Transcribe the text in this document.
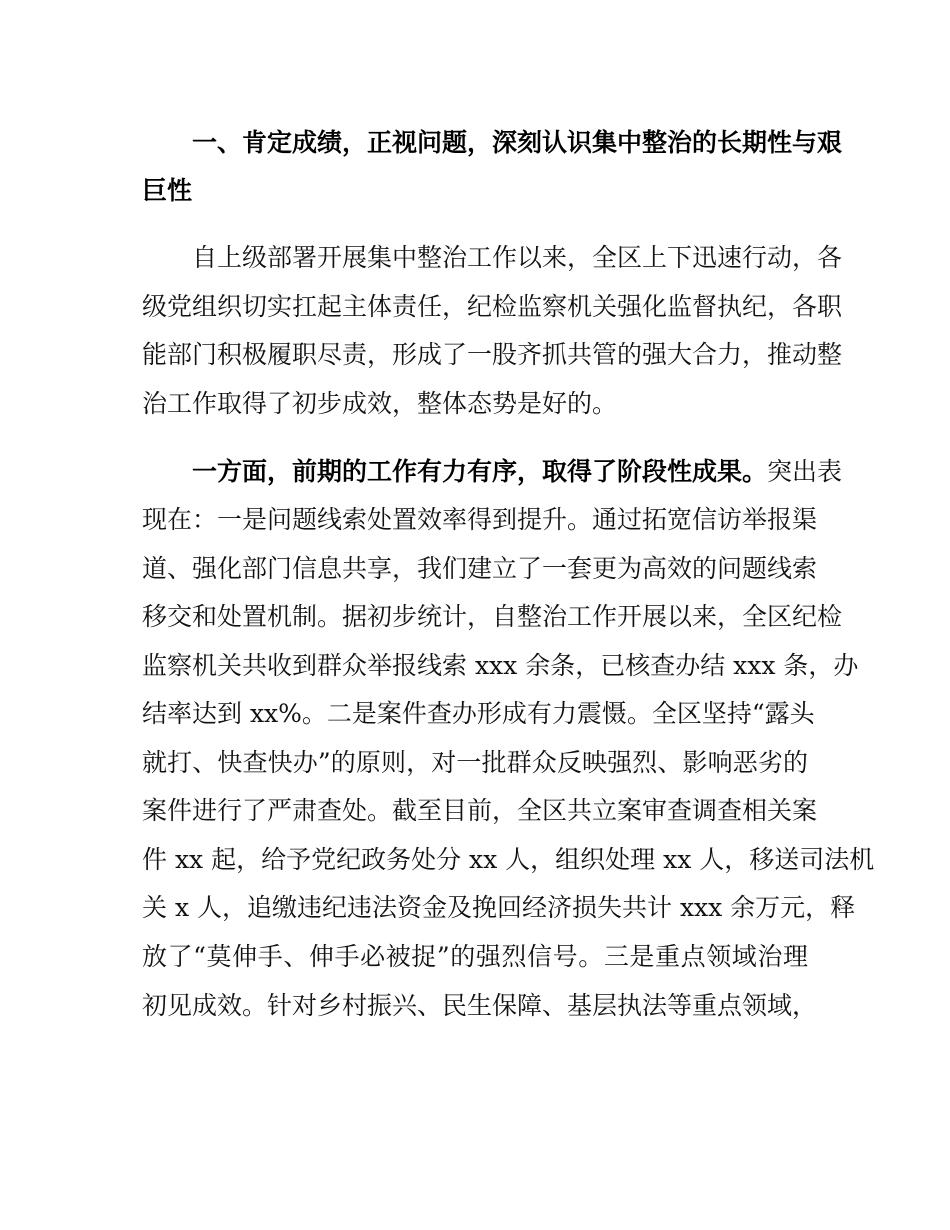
一、肯定成绩，正视问题，深刻认识集中整治的长期性与艰
巨性
自上级部署开展集中整治工作以来，全区上下迅速行动，各
级党组织切实扛起主体责任，纪检监察机关强化监督执纪，各职
能部门积极履职尽责，形成了一股齐抓共管的强大合力，推动整
治工作取得了初步成效，整体态势是好的。
一方面，前期的工作有力有序，取得了阶段性成果。突出表
现在：一是问题线索处置效率得到提升。通过拓宽信访举报渠
道、强化部门信息共享，我们建立了一套更为高效的问题线索
移交和处置机制。据初步统计，自整治工作开展以来，全区纪检
监察机关共收到群众举报线索 xxx 余条，已核查办结 xxx 条，办
结率达到 xx%。二是案件查办形成有力震慑。全区坚持“露头
就打、快查快办”的原则，对一批群众反映强烈、影响恶劣的
案件进行了严肃查处。截至目前，全区共立案审查调查相关案
件 xx 起，给予党纪政务处分 xx 人，组织处理 xx 人，移送司法机
关 x 人，追缴违纪违法资金及挽回经济损失共计 xxx 余万元，释
放了“莫伸手、伸手必被捉”的强烈信号。三是重点领域治理
初见成效。针对乡村振兴、民生保障、基层执法等重点领域，
